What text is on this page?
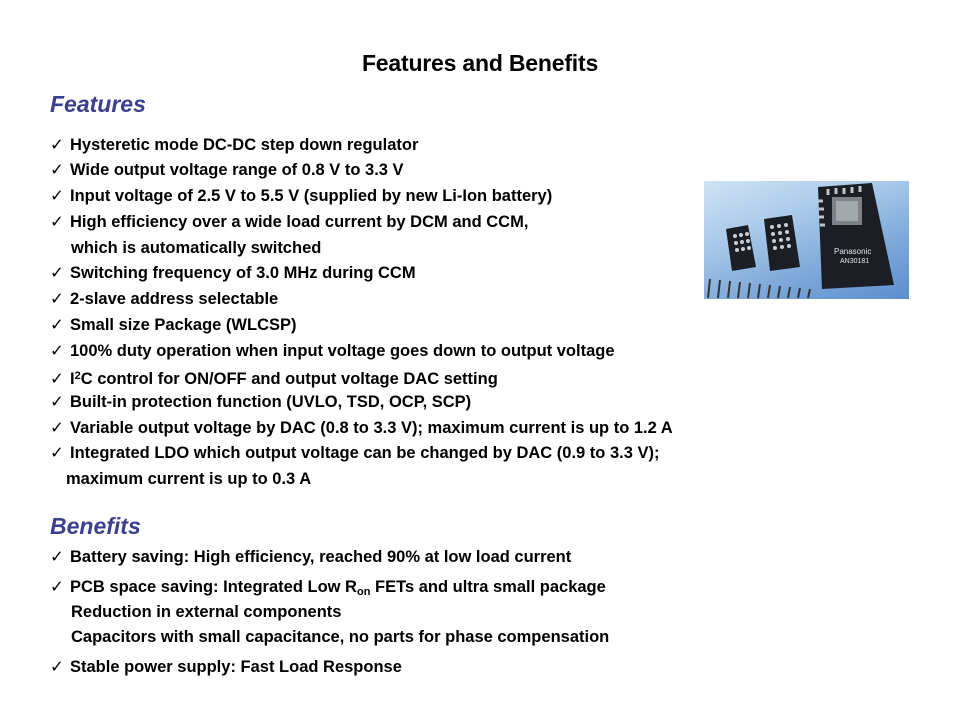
Features and Benefits
Features
✓ Hysteretic mode DC-DC step down regulator
✓ Wide output voltage range of 0.8 V to 3.3 V
✓ Input voltage of 2.5 V to 5.5 V (supplied by new Li-Ion battery)
✓ High efficiency over a wide load current by DCM and CCM,
which is automatically switched
✓ Switching frequency of 3.0 MHz during CCM
✓ 2-slave address selectable
✓ Small size Package (WLCSP)
✓ 100% duty operation when input voltage goes down to output voltage
✓ $I^2C$ control for ON/OFF and output voltage DAC setting
✓ Built-in protection function (UVLO, TSD, OCP, SCP)
✓ Variable output voltage by DAC (0.8 to 3.3 V); maximum current is up to 1.2 A
✓ Integrated LDO which output voltage can be changed by DAC (0.9 to 3.3 V);
maximum current is up to 0.3 A
Benefits
✓ Battery saving: High efficiency, reached 90% at low load current
✓ PCB space saving: Integrated Low $R_{on}$ FETs and ultra small package
Reduction in external components
Capacitors with small capacitance, no parts for phase compensation
✓ Stable power supply: Fast Load Response
Panasonic
AN30181
